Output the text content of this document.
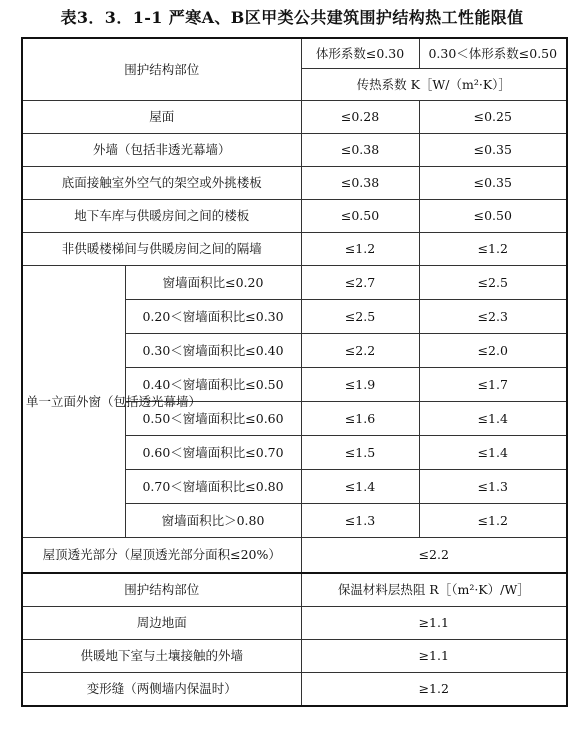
表3．3．1-1 严寒A、B区甲类公共建筑围护结构热工性能限值
围护结构部位		体形系数≤0.30	0.30＜体形系数≤0.50
		传热系数 K［W/（m²·K）］	
屋面		≤0.28	≤0.25
外墙（包括非透光幕墙）		≤0.38	≤0.35
底面接触室外空气的架空或外挑楼板		≤0.38	≤0.35
地下车库与供暖房间之间的楼板		≤0.50	≤0.50
非供暖楼梯间与供暖房间之间的隔墙		≤1.2	≤1.2
单一立面外窗（包括透光幕墙）	窗墙面积比≤0.20	≤2.7	≤2.5
	0.20＜窗墙面积比≤0.30	≤2.5	≤2.3
	0.30＜窗墙面积比≤0.40	≤2.2	≤2.0
	0.40＜窗墙面积比≤0.50	≤1.9	≤1.7
	0.50＜窗墙面积比≤0.60	≤1.6	≤1.4
	0.60＜窗墙面积比≤0.70	≤1.5	≤1.4
	0.70＜窗墙面积比≤0.80	≤1.4	≤1.3
	窗墙面积比＞0.80	≤1.3	≤1.2
屋顶透光部分（屋顶透光部分面积≤20%）		≤2.2	
围护结构部位		保温材料层热阻 R［（m²·K）/W］	
周边地面		≥1.1	
供暖地下室与土壤接触的外墙		≥1.1	
变形缝（两侧墙内保温时）		≥1.2	
